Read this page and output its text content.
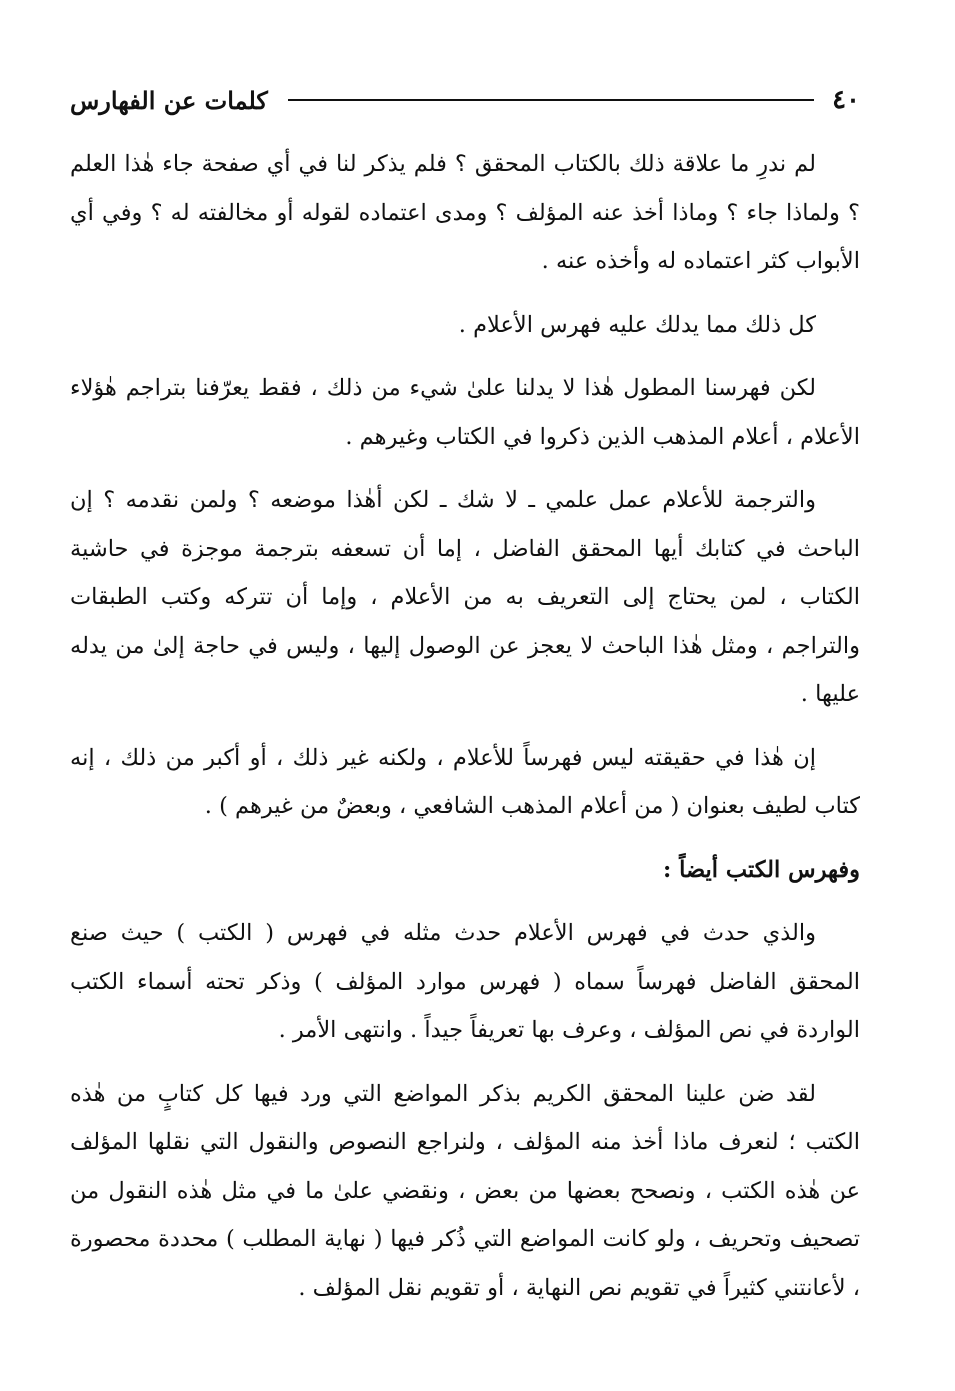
٤٠
كلمات عن الفهارس

لم ندرِ ما علاقة ذلك بالكتاب المحقق ؟ فلم يذكر لنا في أي صفحة جاء هٰذا العلم ؟ ولماذا جاء ؟ وماذا أخذ عنه المؤلف ؟ ومدى اعتماده لقوله أو مخالفته له ؟ وفي أي الأبواب كثر اعتماده له وأخذه عنه .

كل ذلك مما يدلك عليه فهرس الأعلام .

لكن فهرسنا المطول هٰذا لا يدلنا علىٰ شيء من ذلك ، فقط يعرّفنا بتراجم هٰؤلاء الأعلام ، أعلام المذهب الذين ذكروا في الكتاب وغيرهم .

والترجمة للأعلام عمل علمي ـ لا شك ـ لكن أهٰذا موضعه ؟ ولمن نقدمه ؟ إن الباحث في كتابك أيها المحقق الفاضل ، إما أن تسعفه بترجمة موجزة في حاشية الكتاب ، لمن يحتاج إلى التعريف به من الأعلام ، وإما أن تتركه وكتب الطبقات والتراجم ، ومثل هٰذا الباحث لا يعجز عن الوصول إليها ، وليس في حاجة إلىٰ من يدله عليها .

إن هٰذا في حقيقته ليس فهرساً للأعلام ، ولكنه غير ذلك ، أو أكبر من ذلك ، إنه كتاب لطيف بعنوان ( من أعلام المذهب الشافعي ، وبعضٌ من غيرهم ) .

وفهرس الكتب أيضاً :

والذي حدث في فهرس الأعلام حدث مثله في فهرس ( الكتب ) حيث صنع المحقق الفاضل فهرساً سماه ( فهرس موارد المؤلف ) وذكر تحته أسماء الكتب الواردة في نص المؤلف ، وعرف بها تعريفاً جيداً . وانتهى الأمر .

لقد ضن علينا المحقق الكريم بذكر المواضع التي ورد فيها كل كتابٍ من هٰذه الكتب ؛ لنعرف ماذا أخذ منه المؤلف ، ولنراجع النصوص والنقول التي نقلها المؤلف عن هٰذه الكتب ، ونصحح بعضها من بعض ، ونقضي علىٰ ما في مثل هٰذه النقول من تصحيف وتحريف ، ولو كانت المواضع التي ذُكر فيها ( نهاية المطلب ) محددة محصورة ، لأعانتني كثيراً في تقويم نص النهاية ، أو تقويم نقل المؤلف .
